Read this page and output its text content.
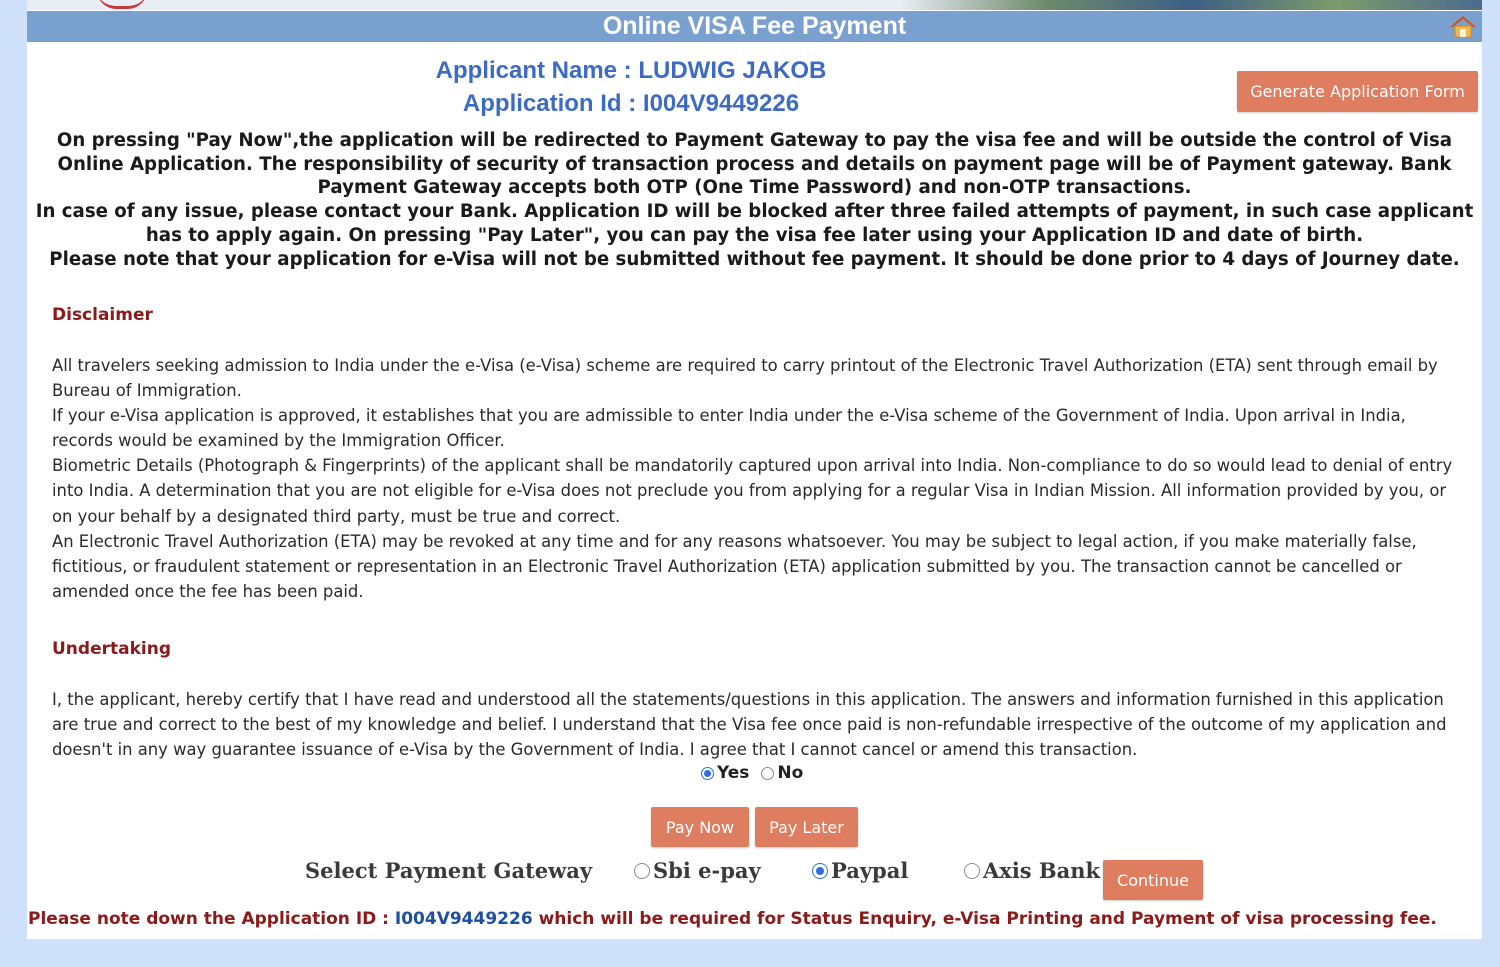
Online VISA Fee Payment
Applicant Name : LUDWIG JAKOB
Application Id : I004V9449226	Generate Application Form

On pressing "Pay Now",the application will be redirected to Payment Gateway to pay the visa fee and will be outside the control of Visa Online Application. The responsibility of security of transaction process and details on payment page will be of Payment gateway. Bank Payment Gateway accepts both OTP (One Time Password) and non-OTP transactions.

In case of any issue, please contact your Bank. Application ID will be blocked after three failed attempts of payment, in such case applicant has to apply again. On pressing "Pay Later", you can pay the visa fee later using your Application ID and date of birth.

Please note that your application for e-Visa will not be submitted without fee payment. It should be done prior to 4 days of Journey date.

Disclaimer

All travelers seeking admission to India under the e-Visa (e-Visa) scheme are required to carry printout of the Electronic Travel Authorization (ETA) sent through email by Bureau of Immigration.

If your e-Visa application is approved, it establishes that you are admissible to enter India under the e-Visa scheme of the Government of India. Upon arrival in India, records would be examined by the Immigration Officer.

Biometric Details (Photograph & Fingerprints) of the applicant shall be mandatorily captured upon arrival into India. Non-compliance to do so would lead to denial of entry into India. A determination that you are not eligible for e-Visa does not preclude you from applying for a regular Visa in Indian Mission. All information provided by you, or on your behalf by a designated third party, must be true and correct.

An Electronic Travel Authorization (ETA) may be revoked at any time and for any reasons whatsoever. You may be subject to legal action, if you make materially false, fictitious, or fraudulent statement or representation in an Electronic Travel Authorization (ETA) application submitted by you. The transaction cannot be cancelled or amended once the fee has been paid.

Undertaking

I, the applicant, hereby certify that I have read and understood all the statements/questions in this application. The answers and information furnished in this application are true and correct to the best of my knowledge and belief. I understand that the Visa fee once paid is non-refundable irrespective of the outcome of my application and doesn't in any way guarantee issuance of e-Visa by the Government of India. I agree that I cannot cancel or amend this transaction.

Yes No
Pay Now	Pay Later
Select Payment Gateway	Sbi e-pay	Paypal	Axis Bank	Continue
Please note down the Application ID : I004V9449226 which will be required for Status Enquiry, e-Visa Printing and Payment of visa processing fee.
